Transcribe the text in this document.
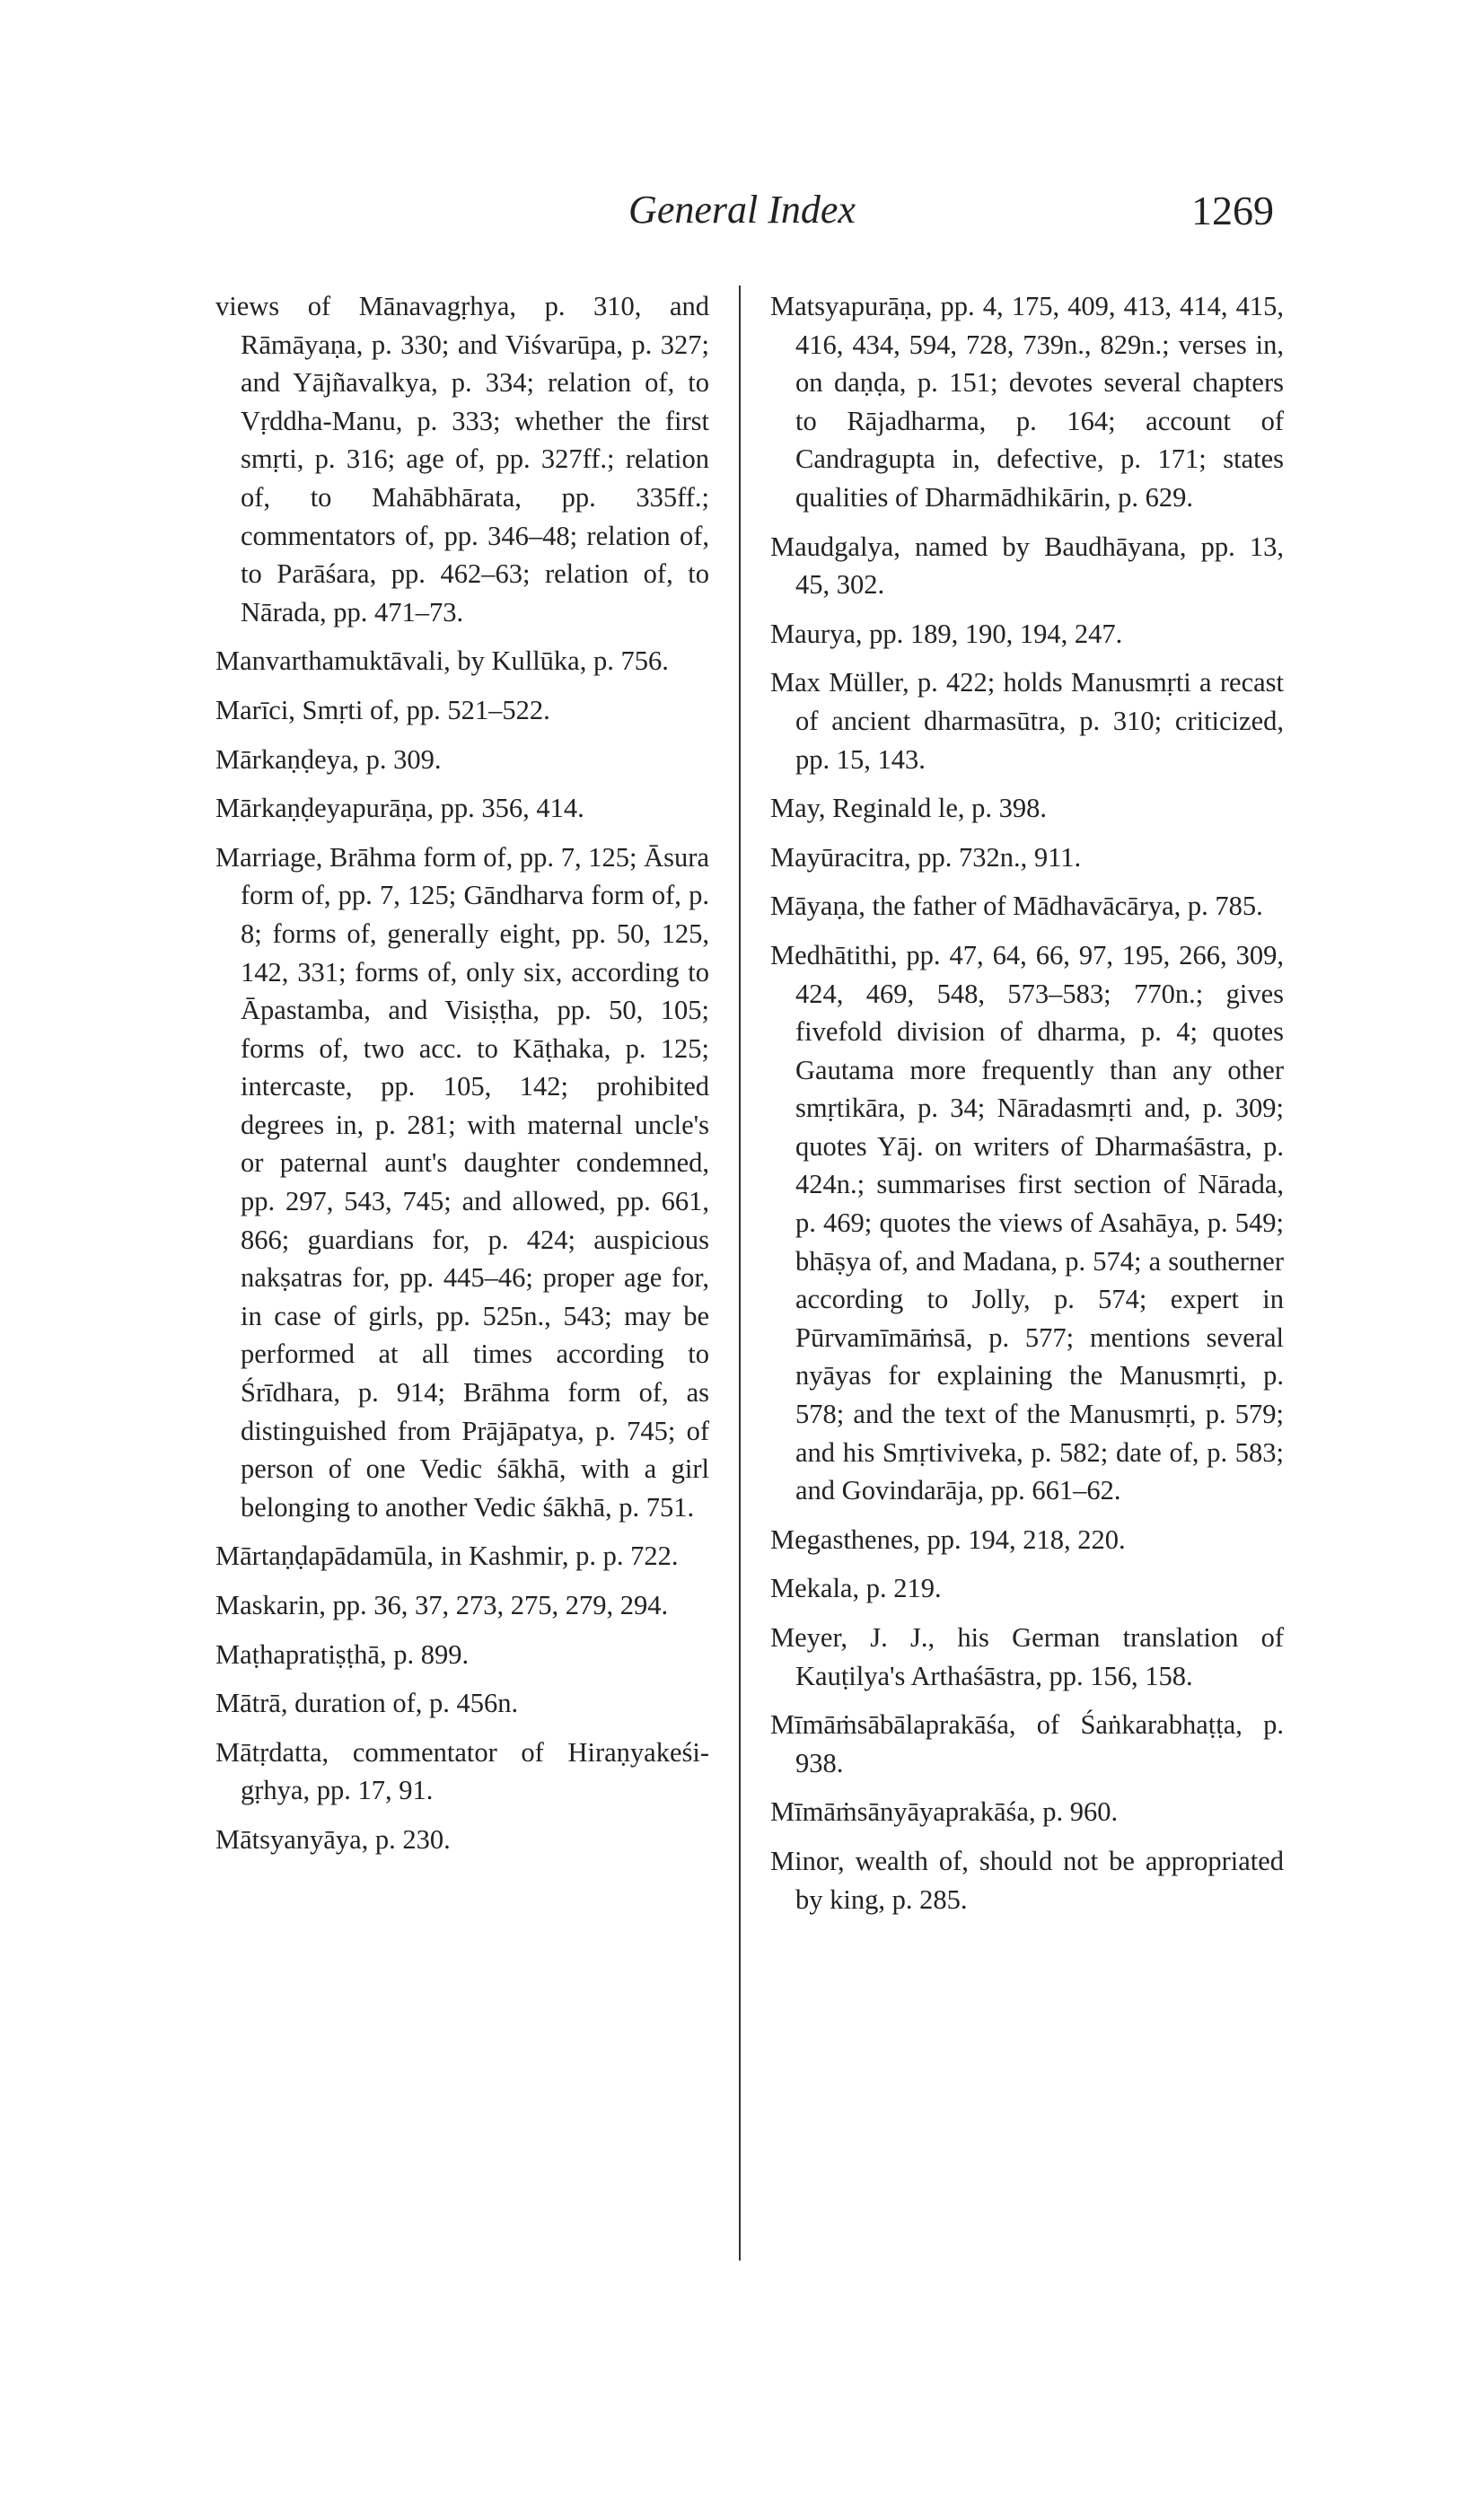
General Index	1269

views of Mānavagṛhya, p. 310, and Rāmāyaṇa, p. 330; and Viśvarūpa, p. 327; and Yājñavalkya, p. 334; relation of, to Vṛddha-Manu, p. 333; whether the first smṛti, p. 316; age of, pp. 327ff.; relation of, to Mahābhārata, pp. 335ff.; commentators of, pp. 346–48; relation of, to Parāśara, pp. 462–63; relation of, to Nārada, pp. 471–73.

Manvarthamuktāvali, by Kullūka, p. 756.

Marīci, Smṛti of, pp. 521–522.

Mārkaṇḍeya, p. 309.

Mārkaṇḍeyapurāṇa, pp. 356, 414.

Marriage, Brāhma form of, pp. 7, 125; Āsura form of, pp. 7, 125; Gāndharva form of, p. 8; forms of, generally eight, pp. 50, 125, 142, 331; forms of, only six, according to Āpastamba, and Visiṣṭha, pp. 50, 105; forms of, two acc. to Kāṭhaka, p. 125; intercaste, pp. 105, 142; prohibited degrees in, p. 281; with maternal uncle's or paternal aunt's daughter condemned, pp. 297, 543, 745; and allowed, pp. 661, 866; guardians for, p. 424; auspicious nakṣatras for, pp. 445–46; proper age for, in case of girls, pp. 525n., 543; may be performed at all times according to Śrīdhara, p. 914; Brāhma form of, as distinguished from Prājāpatya, p. 745; of person of one Vedic śākhā, with a girl belonging to another Vedic śākhā, p. 751.

Mārtaṇḍapādamūla, in Kashmir, p. p. 722.

Maskarin, pp. 36, 37, 273, 275, 279, 294.

Maṭhapratiṣṭhā, p. 899.

Mātrā, duration of, p. 456n.

Mātṛdatta, commentator of Hiraṇyakeśi-gṛhya, pp. 17, 91.

Mātsyanyāya, p. 230.

Matsyapurāṇa, pp. 4, 175, 409, 413, 414, 415, 416, 434, 594, 728, 739n., 829n.; verses in, on daṇḍa, p. 151; devotes several chapters to Rājadharma, p. 164; account of Candragupta in, defective, p. 171; states qualities of Dharmādhikārin, p. 629.

Maudgalya, named by Baudhāyana, pp. 13, 45, 302.

Maurya, pp. 189, 190, 194, 247.

Max Müller, p. 422; holds Manusmṛti a recast of ancient dharmasūtra, p. 310; criticized, pp. 15, 143.

May, Reginald le, p. 398.

Mayūracitra, pp. 732n., 911.

Māyaṇa, the father of Mādhavācārya, p. 785.

Medhātithi, pp. 47, 64, 66, 97, 195, 266, 309, 424, 469, 548, 573–583; 770n.; gives fivefold division of dharma, p. 4; quotes Gautama more frequently than any other smṛtikāra, p. 34; Nāradasmṛti and, p. 309; quotes Yāj. on writers of Dharmaśāstra, p. 424n.; summarises first section of Nārada, p. 469; quotes the views of Asahāya, p. 549; bhāṣya of, and Madana, p. 574; a southerner according to Jolly, p. 574; expert in Pūrvamīmāṁsā, p. 577; mentions several nyāyas for explaining the Manusmṛti, p. 578; and the text of the Manusmṛti, p. 579; and his Smṛtiviveka, p. 582; date of, p. 583; and Govindarāja, pp. 661–62.

Megasthenes, pp. 194, 218, 220.

Mekala, p. 219.

Meyer, J. J., his German translation of Kauṭilya's Arthaśāstra, pp. 156, 158.

Mīmāṁsābālaprakāśa, of Śaṅkarabhaṭṭa, p. 938.

Mīmāṁsānyāyaprakāśa, p. 960.

Minor, wealth of, should not be appropriated by king, p. 285.
